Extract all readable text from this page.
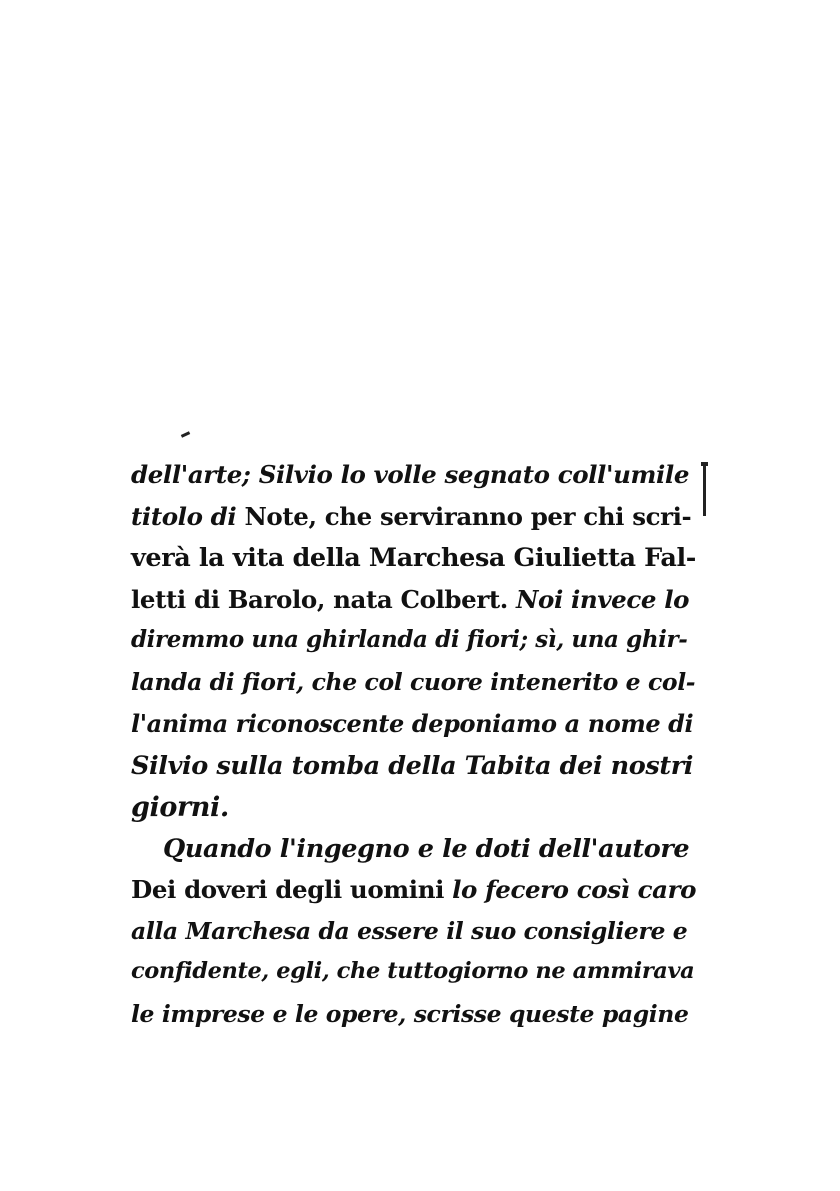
dell'arte; Silvio lo volle segnato coll'umile
titolo di Note, che serviranno per chi scri-
verà la vita della Marchesa Giulietta Fal-
letti di Barolo, nata Colbert. Noi invece lo
diremmo una ghirlanda di fiori; sì, una ghir-
landa di fiori, che col cuore intenerito e col-
l'anima riconoscente deponiamo a nome di
Silvio sulla tomba della Tabita dei nostri
giorni.
Quando l'ingegno e le doti dell'autore
Dei doveri degli uomini lo fecero così caro
alla Marchesa da essere il suo consigliere e
confidente, egli, che tuttogiorno ne ammirava
le imprese e le opere, scrisse queste pagine
